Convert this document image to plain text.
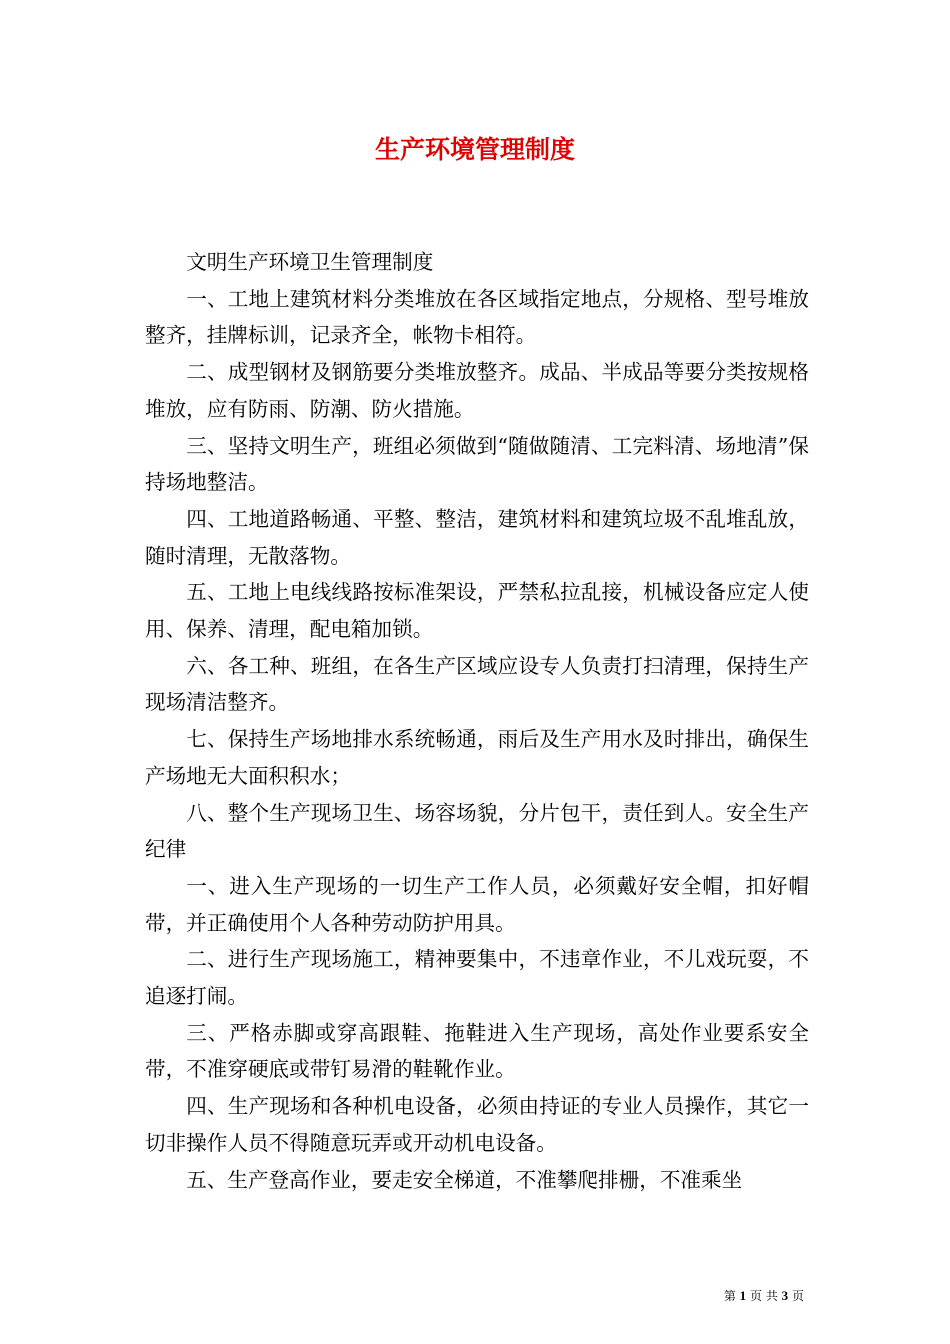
生产环境管理制度

文明生产环境卫生管理制度

一、工地上建筑材料分类堆放在各区域指定地点，分规格、型号堆放整齐，挂牌标训，记录齐全，帐物卡相符。

二、成型钢材及钢筋要分类堆放整齐。成品、半成品等要分类按规格堆放，应有防雨、防潮、防火措施。

三、坚持文明生产，班组必须做到“随做随清、工完料清、场地清”保持场地整洁。

四、工地道路畅通、平整、整洁，建筑材料和建筑垃圾不乱堆乱放，随时清理，无散落物。

五、工地上电线线路按标准架设，严禁私拉乱接，机械设备应定人使用、保养、清理，配电箱加锁。

六、各工种、班组，在各生产区域应设专人负责打扫清理，保持生产现场清洁整齐。

七、保持生产场地排水系统畅通，雨后及生产用水及时排出，确保生产场地无大面积积水；

八、整个生产现场卫生、场容场貌，分片包干，责任到人。安全生产纪律

一、进入生产现场的一切生产工作人员，必须戴好安全帽，扣好帽带，并正确使用个人各种劳动防护用具。

二、进行生产现场施工，精神要集中，不违章作业，不儿戏玩耍，不追逐打闹。

三、严格赤脚或穿高跟鞋、拖鞋进入生产现场，高处作业要系安全带，不准穿硬底或带钉易滑的鞋靴作业。

四、生产现场和各种机电设备，必须由持证的专业人员操作，其它一切非操作人员不得随意玩弄或开动机电设备。

五、生产登高作业，要走安全梯道，不准攀爬排栅，不准乘坐

第 1 页 共 3 页
